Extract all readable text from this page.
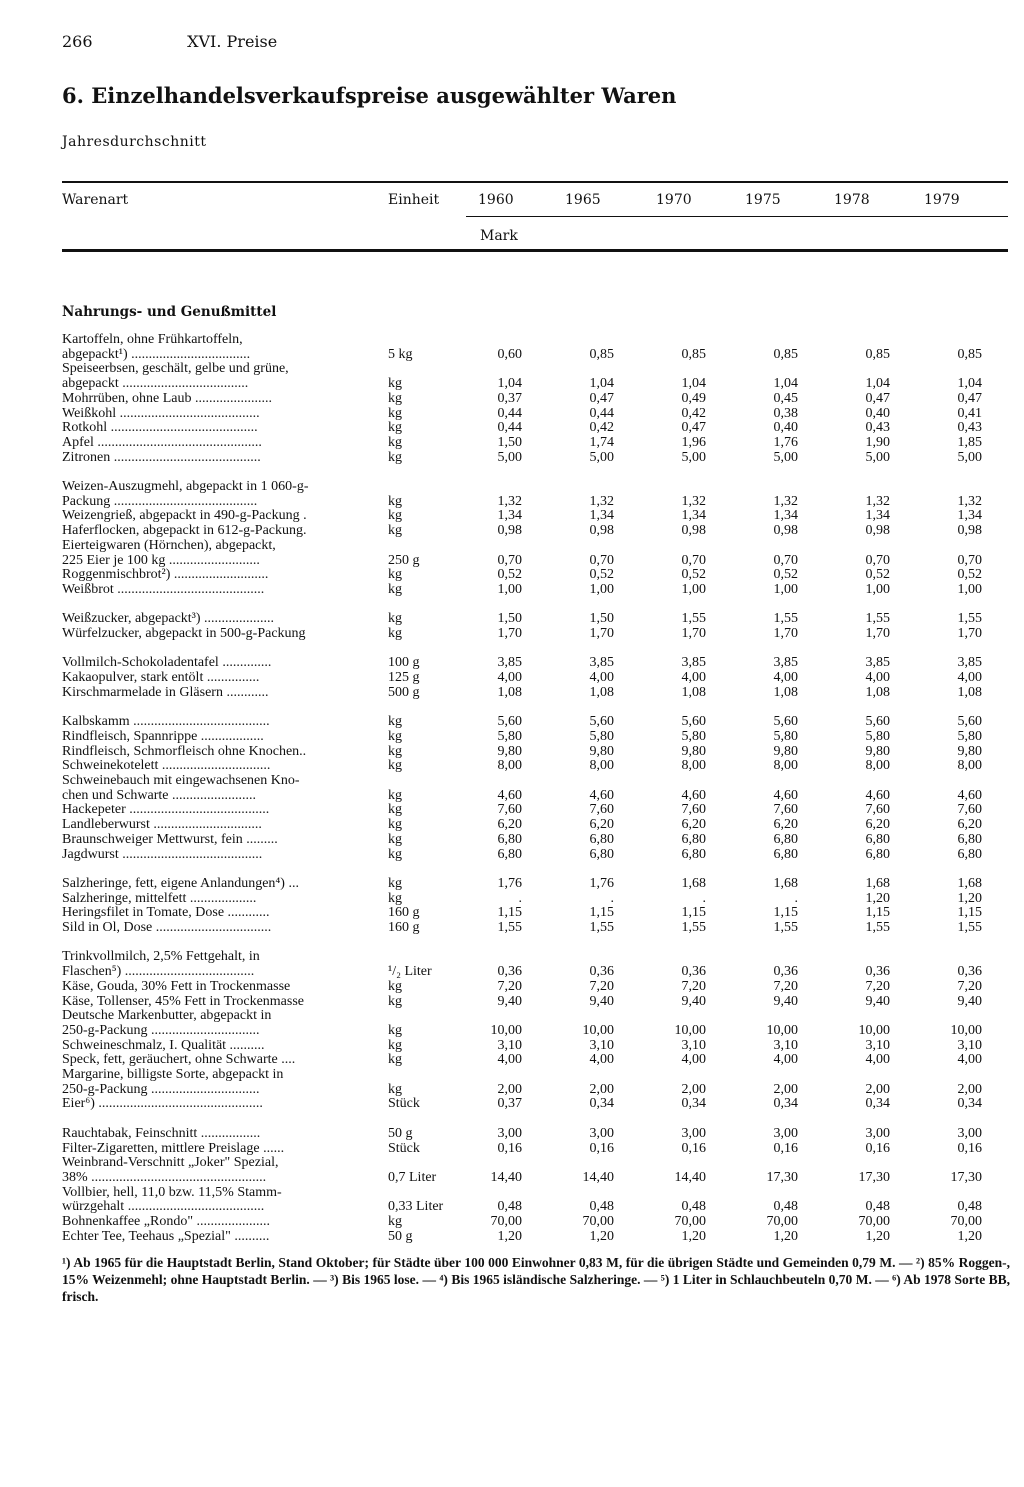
266	XVI. Preise
6. Einzelhandelsverkaufspreise ausgewählter Waren
Jahresdurchschnitt
Warenart	Einheit	1960	1965	1970	1975	1978	1979
Mark
Nahrungs- und Genußmittel
Kartoffeln, ohne Frühkartoffeln,							
abgepackt¹) ..................................	5 kg	0,60	0,85	0,85	0,85	0,85	0,85
Speiseerbsen, geschält, gelbe und grüne,							
abgepackt ....................................	kg	1,04	1,04	1,04	1,04	1,04	1,04
Mohrrüben, ohne Laub ......................	kg	0,37	0,47	0,49	0,45	0,47	0,47
Weißkohl ........................................	kg	0,44	0,44	0,42	0,38	0,40	0,41
Rotkohl ..........................................	kg	0,44	0,42	0,47	0,40	0,43	0,43
Äpfel ...............................................	kg	1,50	1,74	1,96	1,76	1,90	1,85
Zitronen ..........................................	kg	5,00	5,00	5,00	5,00	5,00	5,00

Weizen-Auszugmehl, abgepackt in 1 060-g-							
Packung .........................................	kg	1,32	1,32	1,32	1,32	1,32	1,32
Weizengrieß, abgepackt in 490-g-Packung .	kg	1,34	1,34	1,34	1,34	1,34	1,34
Haferflocken, abgepackt in 612-g-Packung.	kg	0,98	0,98	0,98	0,98	0,98	0,98
Eierteigwaren (Hörnchen), abgepackt,							
225 Eier je 100 kg ..........................	250 g	0,70	0,70	0,70	0,70	0,70	0,70
Roggenmischbrot²) ...........................	kg	0,52	0,52	0,52	0,52	0,52	0,52
Weißbrot ..........................................	kg	1,00	1,00	1,00	1,00	1,00	1,00

Weißzucker, abgepackt³) ....................	kg	1,50	1,50	1,55	1,55	1,55	1,55
Würfelzucker, abgepackt in 500-g-Packung	kg	1,70	1,70	1,70	1,70	1,70	1,70

Vollmilch-Schokoladentafel ..............	100 g	3,85	3,85	3,85	3,85	3,85	3,85
Kakaopulver, stark entölt ...............	125 g	4,00	4,00	4,00	4,00	4,00	4,00
Kirschmarmelade in Gläsern ............	500 g	1,08	1,08	1,08	1,08	1,08	1,08

Kalbskamm .......................................	kg	5,60	5,60	5,60	5,60	5,60	5,60
Rindfleisch, Spannrippe ..................	kg	5,80	5,80	5,80	5,80	5,80	5,80
Rindfleisch, Schmorfleisch ohne Knochen..	kg	9,80	9,80	9,80	9,80	9,80	9,80
Schweinekotelett ...............................	kg	8,00	8,00	8,00	8,00	8,00	8,00
Schweinebauch mit eingewachsenen Kno-							
chen und Schwarte ........................	kg	4,60	4,60	4,60	4,60	4,60	4,60
Hackepeter ........................................	kg	7,60	7,60	7,60	7,60	7,60	7,60
Landleberwurst ...............................	kg	6,20	6,20	6,20	6,20	6,20	6,20
Braunschweiger Mettwurst, fein .........	kg	6,80	6,80	6,80	6,80	6,80	6,80
Jagdwurst ........................................	kg	6,80	6,80	6,80	6,80	6,80	6,80

Salzheringe, fett, eigene Anlandungen⁴) ...	kg	1,76	1,76	1,68	1,68	1,68	1,68
Salzheringe, mittelfett ...................	kg	.	.	.	.	1,20	1,20
Heringsfilet in Tomate, Dose ............	160 g	1,15	1,15	1,15	1,15	1,15	1,15
Sild in Öl, Dose .................................	160 g	1,55	1,55	1,55	1,55	1,55	1,55

Trinkvollmilch, 2,5% Fettgehalt, in							
Flaschen⁵) .....................................	¹/₂ Liter	0,36	0,36	0,36	0,36	0,36	0,36
Käse, Gouda, 30% Fett in Trockenmasse	kg	7,20	7,20	7,20	7,20	7,20	7,20
Käse, Tollenser, 45% Fett in Trockenmasse	kg	9,40	9,40	9,40	9,40	9,40	9,40
Deutsche Markenbutter, abgepackt in							
250-g-Packung ...............................	kg	10,00	10,00	10,00	10,00	10,00	10,00
Schweineschmalz, I. Qualität ..........	kg	3,10	3,10	3,10	3,10	3,10	3,10
Speck, fett, geräuchert, ohne Schwarte ....	kg	4,00	4,00	4,00	4,00	4,00	4,00
Margarine, billigste Sorte, abgepackt in							
250-g-Packung ...............................	kg	2,00	2,00	2,00	2,00	2,00	2,00
Eier⁶) ...............................................	Stück	0,37	0,34	0,34	0,34	0,34	0,34

Rauchtabak, Feinschnitt .................	50 g	3,00	3,00	3,00	3,00	3,00	3,00
Filter-Zigaretten, mittlere Preislage ......	Stück	0,16	0,16	0,16	0,16	0,16	0,16
Weinbrand-Verschnitt „Joker" Spezial,							
38% ..................................................	0,7 Liter	14,40	14,40	14,40	17,30	17,30	17,30
Vollbier, hell, 11,0 bzw. 11,5% Stamm-							
würzgehalt .......................................	0,33 Liter	0,48	0,48	0,48	0,48	0,48	0,48
Bohnenkaffee „Rondo" .....................	kg	70,00	70,00	70,00	70,00	70,00	70,00
Echter Tee, Teehaus „Spezial" ..........	50 g	1,20	1,20	1,20	1,20	1,20	1,20
¹) Ab 1965 für die Hauptstadt Berlin, Stand Oktober; für Städte über 100 000 Einwohner 0,83 M, für die übrigen Städte und Gemeinden 0,79 M. — ²) 85% Roggen-, 15% Weizenmehl; ohne Hauptstadt Berlin. — ³) Bis 1965 lose. — ⁴) Bis 1965 isländische Salzheringe. — ⁵) 1 Liter in Schlauchbeuteln 0,70 M. — ⁶) Ab 1978 Sorte BB, frisch.
